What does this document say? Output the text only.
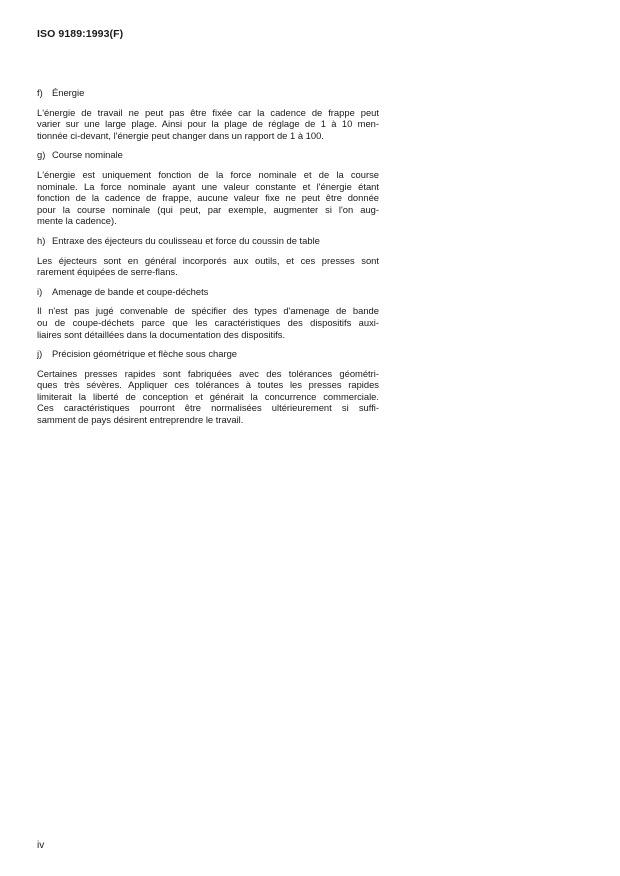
ISO 9189:1993(F)
f) Énergie
L'énergie de travail ne peut pas être fixée car la cadence de frappe peut
varier sur une large plage. Ainsi pour la plage de réglage de 1 à 10 men-
tionnée ci-devant, l'énergie peut changer dans un rapport de 1 à 100.
g) Course nominale
L'énergie est uniquement fonction de la force nominale et de la course
nominale. La force nominale ayant une valeur constante et l'énergie étant
fonction de la cadence de frappe, aucune valeur fixe ne peut être donnée
pour la course nominale (qui peut, par exemple, augmenter si l'on aug-
mente la cadence).
h) Entraxe des éjecteurs du coulisseau et force du coussin de table
Les éjecteurs sont en général incorporés aux outils, et ces presses sont
rarement équipées de serre-flans.
i)	Amenage de bande et coupe-déchets
Il n'est pas jugé convenable de spécifier des types d'amenage de bande
ou de coupe-déchets parce que les caractéristiques des dispositifs auxi-
liaires sont détaillées dans la documentation des dispositifs.
j)	Précision géométrique et flèche sous charge
Certaines presses rapides sont fabriquées avec des tolérances géométri-
ques très sévères. Appliquer ces tolérances à toutes les presses rapides
limiterait la liberté de conception et générait la concurrence commerciale.
Ces caractéristiques pourront être normalisées ultérieurement si suffi-
samment de pays désirent entreprendre le travail.
iv
